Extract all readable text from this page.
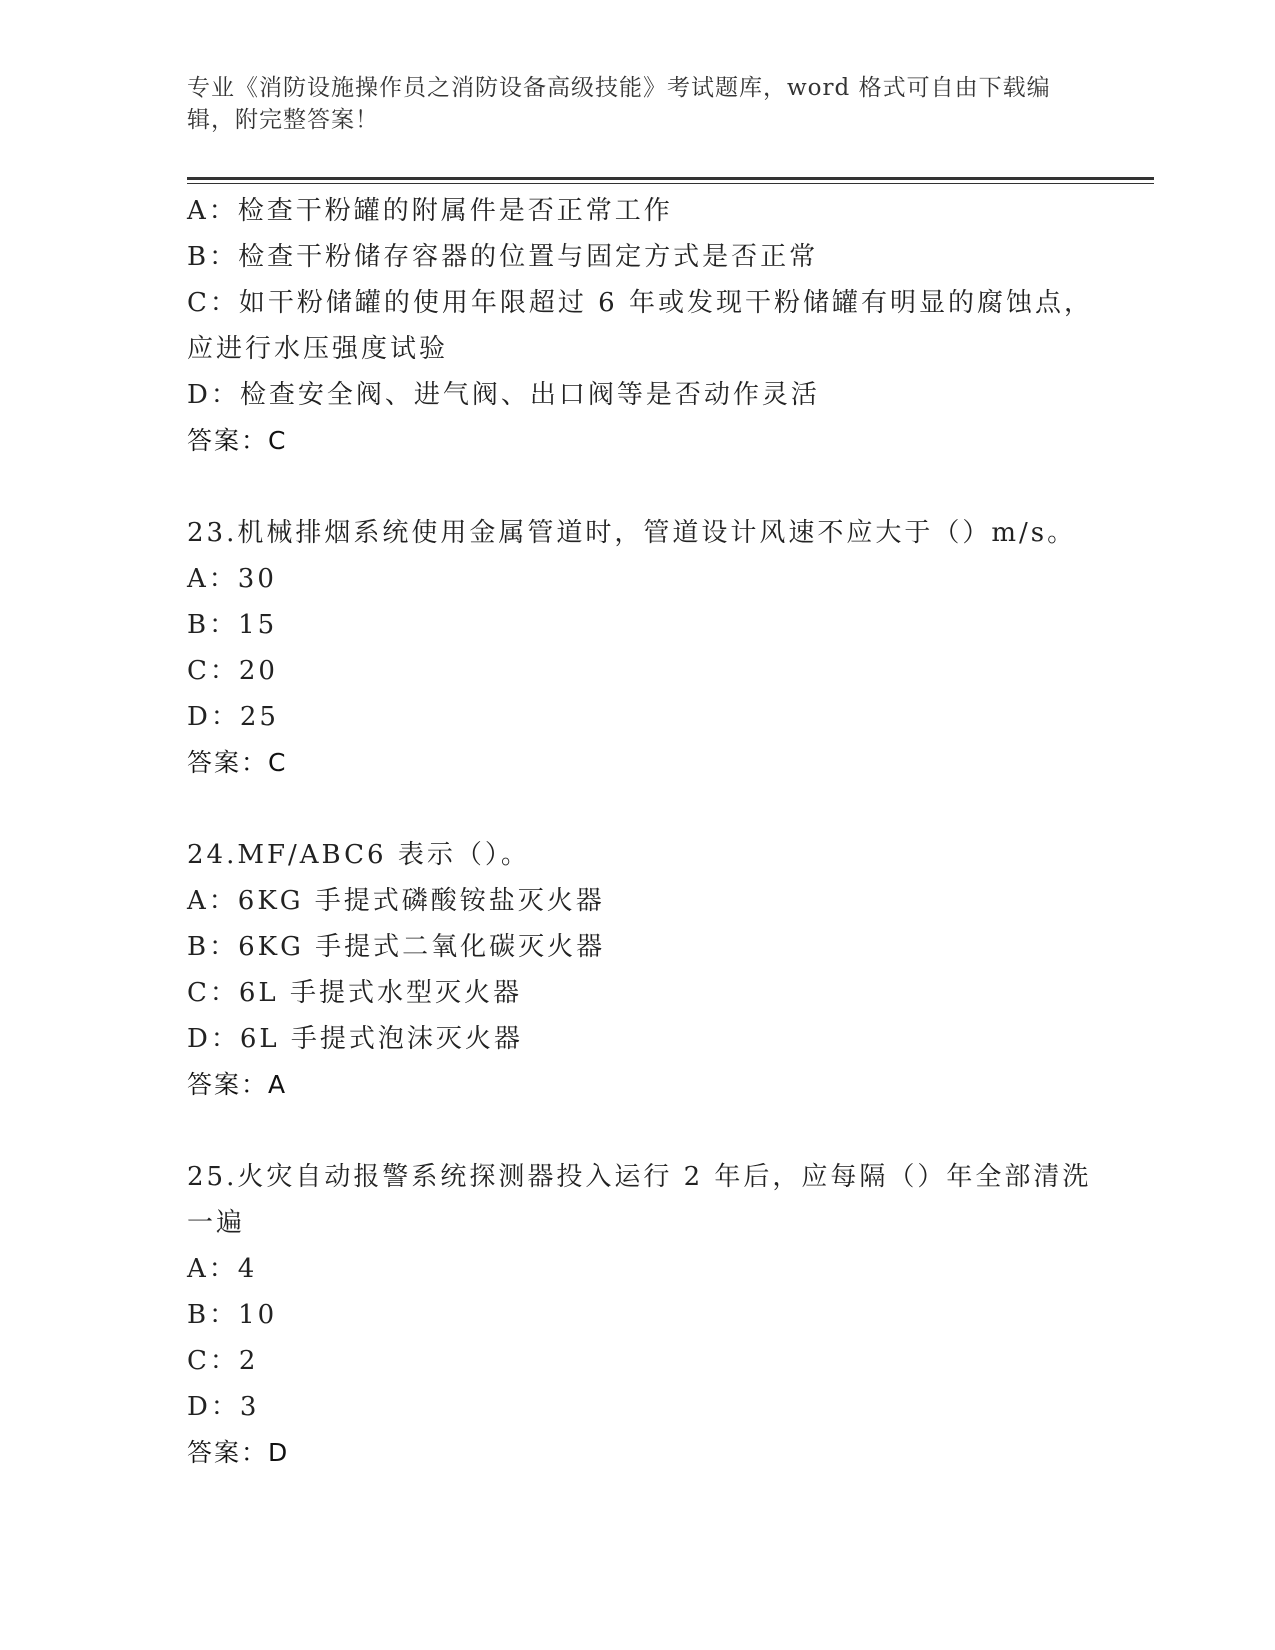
专业《消防设施操作员之消防设备高级技能》考试题库，word 格式可自由下载编
辑，附完整答案！
A：检查干粉罐的附属件是否正常工作
B：检查干粉储存容器的位置与固定方式是否正常
C：如干粉储罐的使用年限超过 6 年或发现干粉储罐有明显的腐蚀点，
应进行水压强度试验
D：检查安全阀、进气阀、出口阀等是否动作灵活
答案：C
23.机械排烟系统使用金属管道时，管道设计风速不应大于（）m/s。
A：30
B：15
C：20
D：25
答案：C
24.MF/ABC6 表示（）。
A：6KG 手提式磷酸铵盐灭火器
B：6KG 手提式二氧化碳灭火器
C：6L 手提式水型灭火器
D：6L 手提式泡沫灭火器
答案：A
25.火灾自动报警系统探测器投入运行 2 年后，应每隔（）年全部清洗
一遍
A：4
B：10
C：2
D：3
答案：D
